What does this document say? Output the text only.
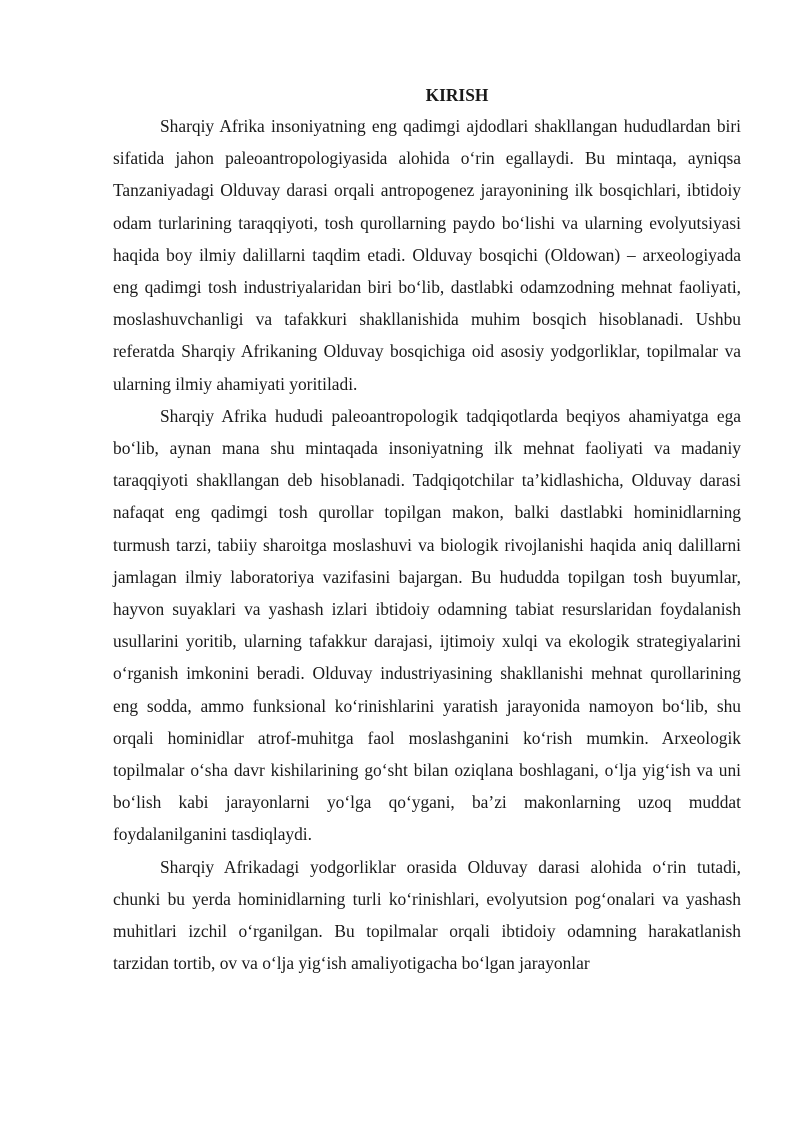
KIRISH

Sharqiy Afrika insoniyatning eng qadimgi ajdodlari shakllangan hududlardan biri sifatida jahon paleoantropologiyasida alohida o‘rin egallaydi. Bu mintaqa, ayniqsa Tanzaniyadagi Olduvay darasi orqali antropogenez jarayonining ilk bosqichlari, ibtidoiy odam turlarining taraqqiyoti, tosh qurollarning paydo bo‘lishi va ularning evolyutsiyasi haqida boy ilmiy dalillarni taqdim etadi. Olduvay bosqichi (Oldowan) – arxeologiyada eng qadimgi tosh industriyalaridan biri bo‘lib, dastlabki odamzodning mehnat faoliyati, moslashuvchanligi va tafakkuri shakllanishida muhim bosqich hisoblanadi. Ushbu referatda Sharqiy Afrikaning Olduvay bosqichiga oid asosiy yodgorliklar, topilmalar va ularning ilmiy ahamiyati yoritiladi.

Sharqiy Afrika hududi paleoantropologik tadqiqotlarda beqiyos ahamiyatga ega bo‘lib, aynan mana shu mintaqada insoniyatning ilk mehnat faoliyati va madaniy taraqqiyoti shakllangan deb hisoblanadi. Tadqiqotchilar ta’kidlashicha, Olduvay darasi nafaqat eng qadimgi tosh qurollar topilgan makon, balki dastlabki hominidlarning turmush tarzi, tabiiy sharoitga moslashuvi va biologik rivojlanishi haqida aniq dalillarni jamlagan ilmiy laboratoriya vazifasini bajargan. Bu hududda topilgan tosh buyumlar, hayvon suyaklari va yashash izlari ibtidoiy odamning tabiat resurslaridan foydalanish usullarini yoritib, ularning tafakkur darajasi, ijtimoiy xulqi va ekologik strategiyalarini o‘rganish imkonini beradi. Olduvay industriyasining shakllanishi mehnat qurollarining eng sodda, ammo funksional ko‘rinishlarini yaratish jarayonida namoyon bo‘lib, shu orqali hominidlar atrof-muhitga faol moslashganini ko‘rish mumkin. Arxeologik topilmalar o‘sha davr kishilarining go‘sht bilan oziqlana boshlagani, o‘lja yig‘ish va uni bo‘lish kabi jarayonlarni yo‘lga qo‘ygani, ba’zi makonlarning uzoq muddat foydalanilganini tasdiqlaydi.

Sharqiy Afrikadagi yodgorliklar orasida Olduvay darasi alohida o‘rin tutadi, chunki bu yerda hominidlarning turli ko‘rinishlari, evolyutsion pog‘onalari va yashash muhitlari izchil o‘rganilgan. Bu topilmalar orqali ibtidoiy odamning harakatlanish tarzidan tortib, ov va o‘lja yig‘ish amaliyotigacha bo‘lgan jarayonlar
